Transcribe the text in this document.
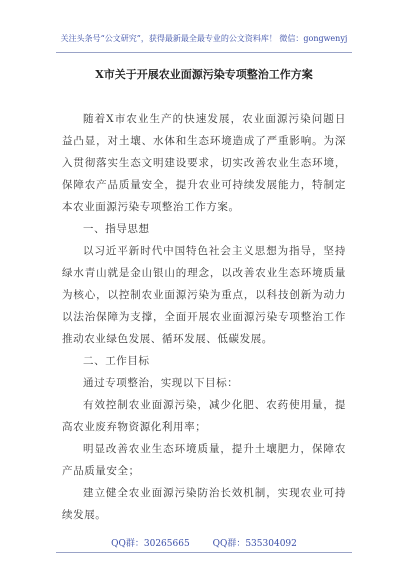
关注头条号“公文研究”，获得最新最全最专业的公文资料库！ 微信：gongwenyj
X市关于开展农业面源污染专项整治工作方案

随着X市农业生产的快速发展，农业面源污染问题日益凸显，对土壤、水体和生态环境造成了严重影响。为深入贯彻落实生态文明建设要求，切实改善农业生态环境，保障农产品质量安全，提升农业可持续发展能力，特制定本农业面源污染专项整治工作方案。

一、指导思想

以习近平新时代中国特色社会主义思想为指导，坚持绿水青山就是金山银山的理念，以改善农业生态环境质量为核心，以控制农业面源污染为重点，以科技创新为动力以法治保障为支撑，全面开展农业面源污染专项整治工作推动农业绿色发展、循环发展、低碳发展。

二、工作目标

通过专项整治，实现以下目标：

有效控制农业面源污染，减少化肥、农药使用量，提高农业废弃物资源化利用率；

明显改善农业生态环境质量，提升土壤肥力，保障农产品质量安全；

建立健全农业面源污染防治长效机制，实现农业可持续发展。

QQ群：30265665	QQ群：535304092
